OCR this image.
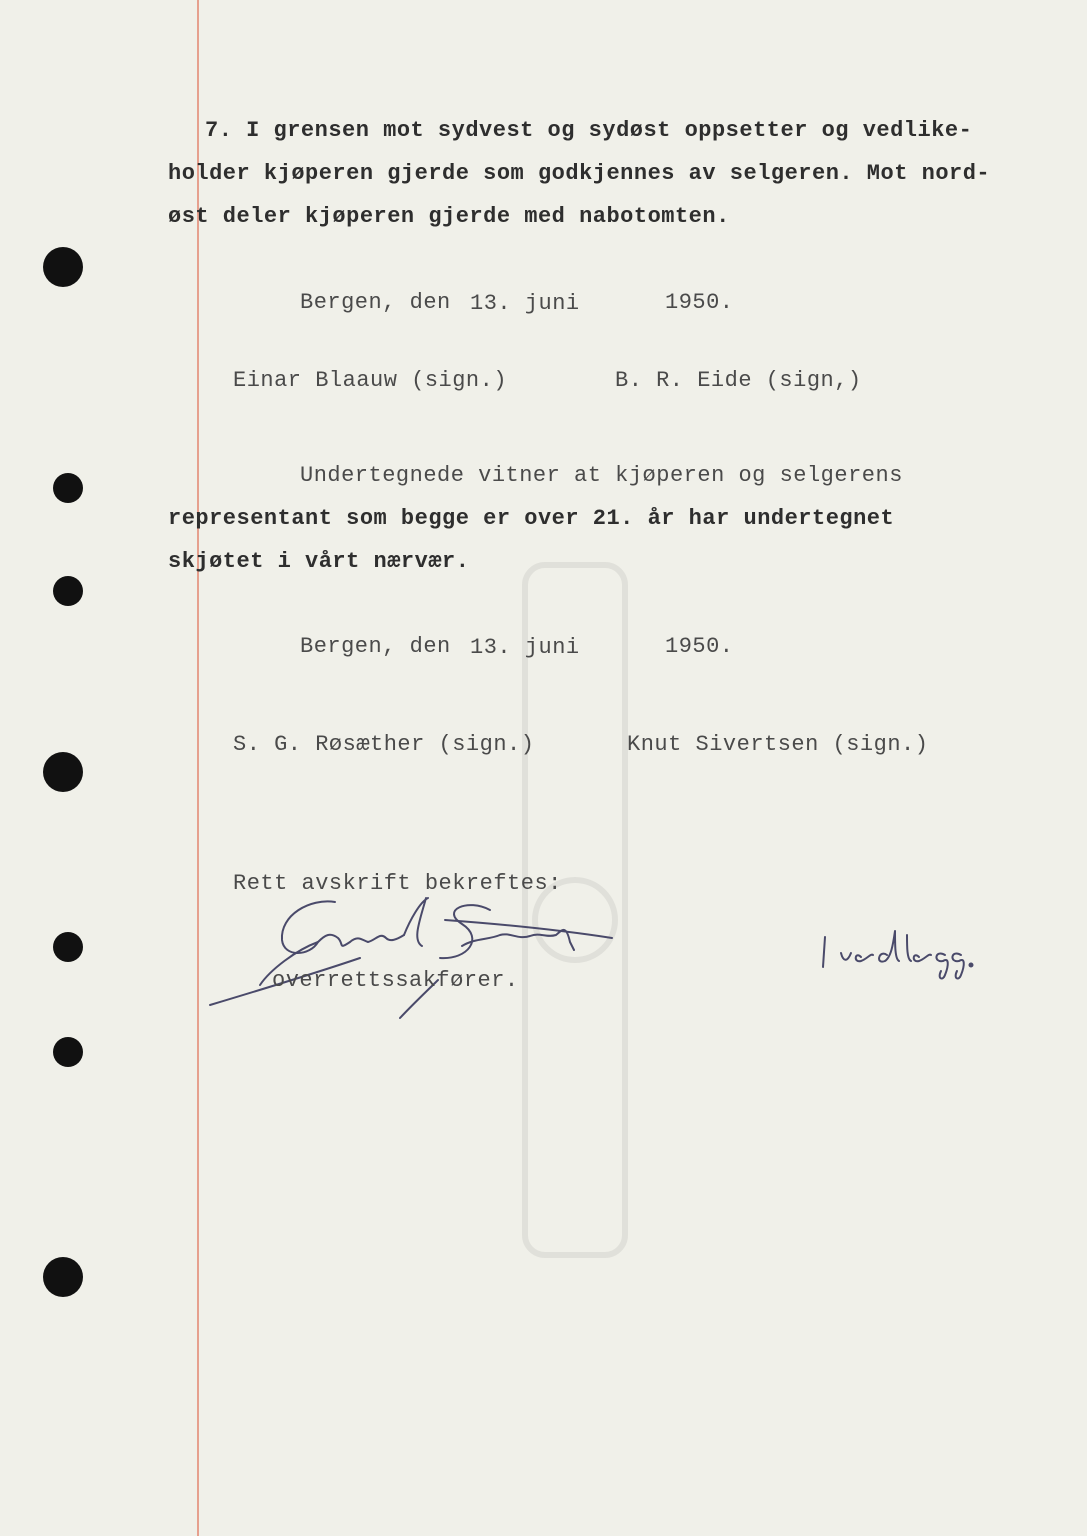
7. I grensen mot sydvest og sydøst oppsetter og vedlike-

holder kjøperen gjerde som godkjennes av selgeren. Mot nord-

øst deler kjøperen gjerde med nabotomten.

Bergen, den 13. juni	1950.

Einar Blaauw (sign.)	B. R. Eide (sign,)

Undertegnede vitner at kjøperen og selgerens

representant som begge er over 21. år har undertegnet

skjøtet i vårt nærvær.

Bergen, den 13. juni	1950.

S. G. Røsæther (sign.)	Knut Sivertsen (sign.)

Rett avskrift bekreftes:

overrettssakfører.
